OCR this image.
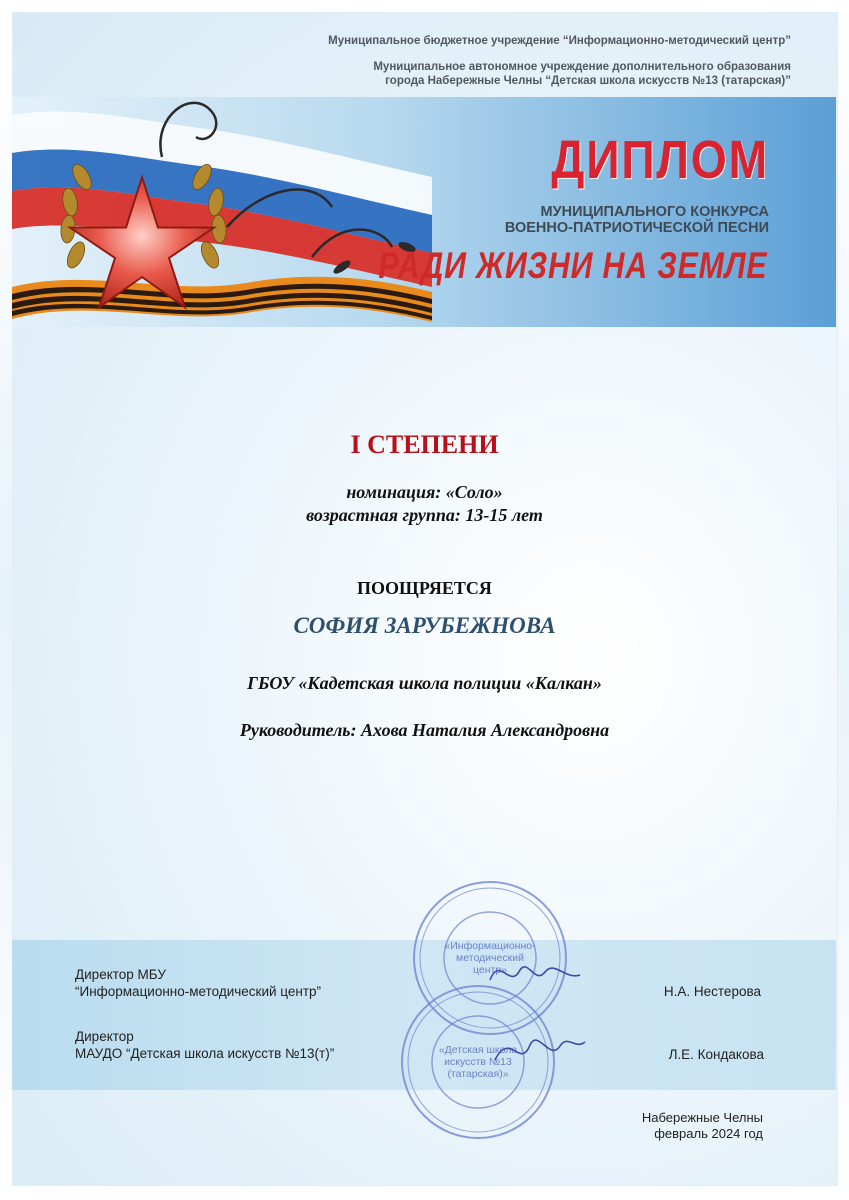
Муниципальное бюджетное учреждение “Информационно-методический центр”
Муниципальное автономное учреждение дополнительного образования
города Набережные Челны “Детская школа искусств №13 (татарская)”
ДИПЛОМ
МУНИЦИПАЛЬНОГО КОНКУРСА
ВОЕННО-ПАТРИОТИЧЕСКОЙ ПЕСНИ
РАДИ ЖИЗНИ НА ЗЕМЛЕ
I СТЕПЕНИ
номинация: «Соло»
возрастная группа: 13-15 лет
ПООЩРЯЕТСЯ
СОФИЯ ЗАРУБЕЖНОВА
ГБОУ «Кадетская школа полиции «Калкан»
Руководитель: Ахова Наталия Александровна
Директор МБУ
“Информационно-методический центр”	Н.А. Нестерова
Директор
МАУДО “Детская школа искусств №13(т)”	Л.Е. Кондакова
«Информационно-
методический
центр»
«Детская школа
искусств №13
(татарская)»
Набережные Челны
февраль 2024 год
